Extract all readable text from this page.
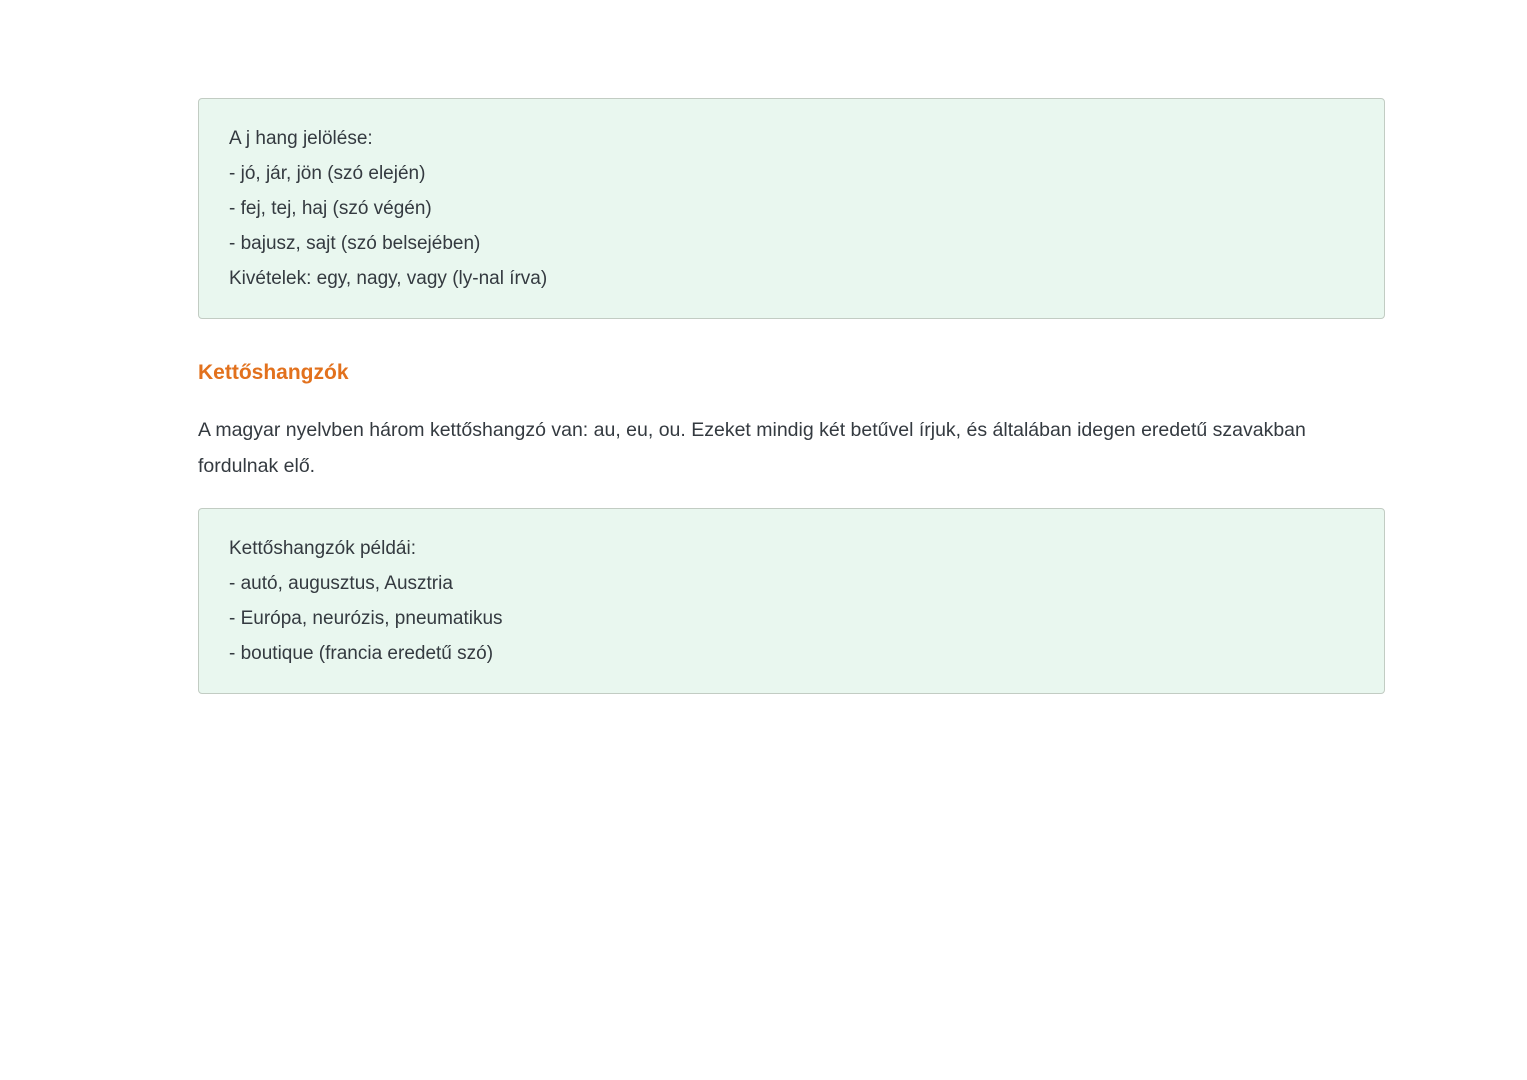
A j hang jelölése:

- jó, jár, jön (szó elején)

- fej, tej, haj (szó végén)

- bajusz, sajt (szó belsejében)

Kivételek: egy, nagy, vagy (ly-nal írva)

Kettőshangzók

A magyar nyelvben három kettőshangzó van: au, eu, ou. Ezeket mindig két betűvel írjuk, és általában idegen eredetű szavakban fordulnak elő.

Kettőshangzók példái:

- autó, augusztus, Ausztria

- Európa, neurózis, pneumatikus

- boutique (francia eredetű szó)
